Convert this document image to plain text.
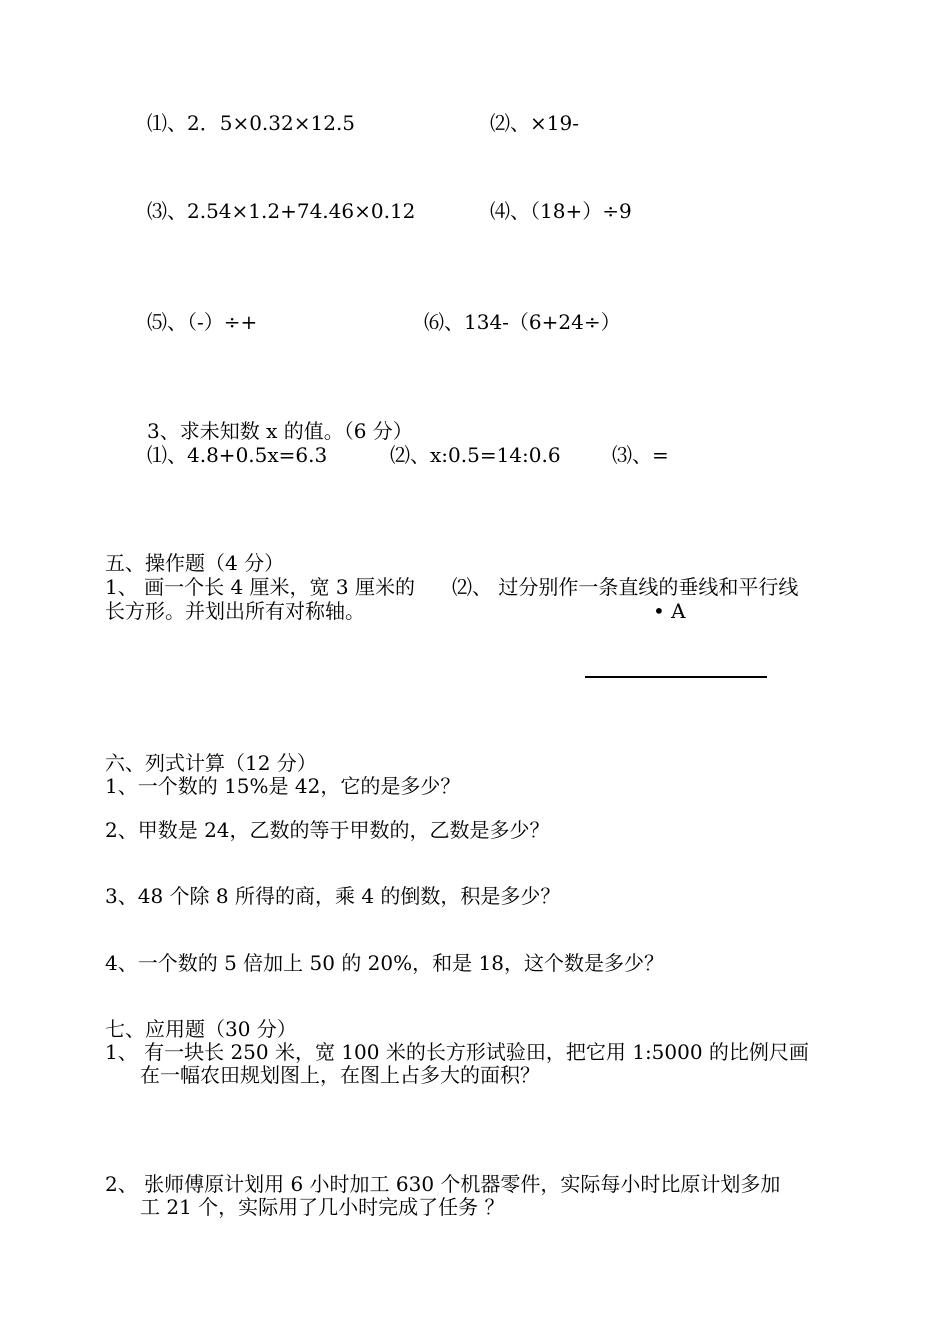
⑴、2．5×0.32×12.5	⑵、×19-

⑶、2.54×1.2+74.46×0.12	⑷、（18+）÷9

⑸、（-）÷+	⑹、134-（6+24÷）

3、求未知数 x 的值。（6 分）

⑴、4.8+0.5x=6.3	⑵、x:0.5=14:0.6	⑶、=

五、操作题（4 分）

1、 画一个长 4 厘米，宽 3 厘米的

长方形。并划出所有对称轴。

⑵、 过分别作一条直线的垂线和平行线

• A

六、列式计算（12 分）

1、一个数的 15%是 42，它的是多少？

2、甲数是 24，乙数的等于甲数的，乙数是多少？

3、48 个除 8 所得的商，乘 4 的倒数，积是多少？

4、一个数的 5 倍加上 50 的 20%，和是 18，这个数是多少？

七、应用题（30 分）

1、 有一块长 250 米，宽 100 米的长方形试验田，把它用 1:5000 的比例尺画

在一幅农田规划图上，在图上占多大的面积？

2、 张师傅原计划用 6 小时加工 630 个机器零件，实际每小时比原计划多加

工 21 个，实际用了几小时完成了任务 ？
